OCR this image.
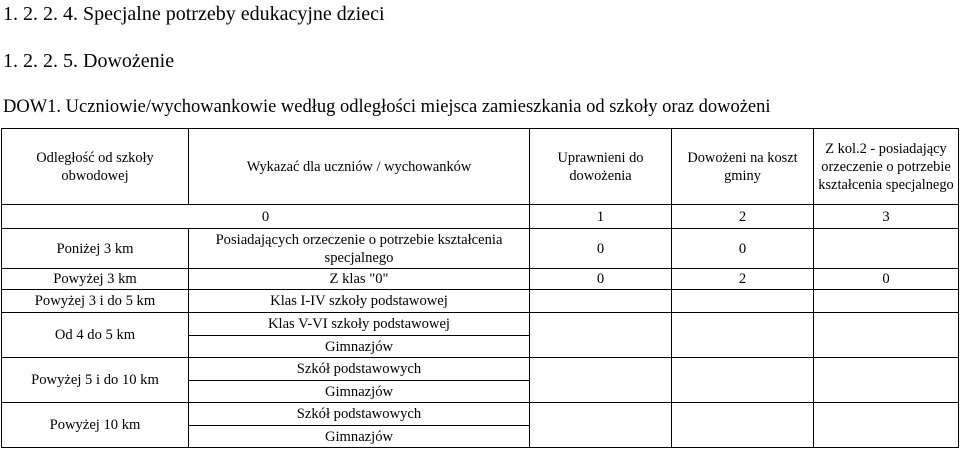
1. 2. 2. 4. Specjalne potrzeby edukacyjne dzieci
1. 2. 2. 5. Dowożenie
DOW1. Uczniowie/wychowankowie według odległości miejsca zamieszkania od szkoły oraz dowożeni
Odległość od szkoły obwodowej	Wykazać dla uczniów / wychowanków	Uprawnieni do dowożenia	Dowożeni na koszt gminy	Z kol.2 - posiadający orzeczenie o potrzebie kształcenia specjalnego
0		1	2	3
Poniżej 3 km	Posiadających orzeczenie o potrzebie kształcenia specjalnego	0	0	
Powyżej 3 km	Z klas "0"	0	2	0
Powyżej 3 i do 5 km	Klas I-IV szkoły podstawowej			
Od 4 do 5 km	Klas V-VI szkoły podstawowej			
	Gimnazjów			
Powyżej 5 i do 10 km	Szkół podstawowych			
	Gimnazjów			
Powyżej 10 km	Szkół podstawowych			
	Gimnazjów			
